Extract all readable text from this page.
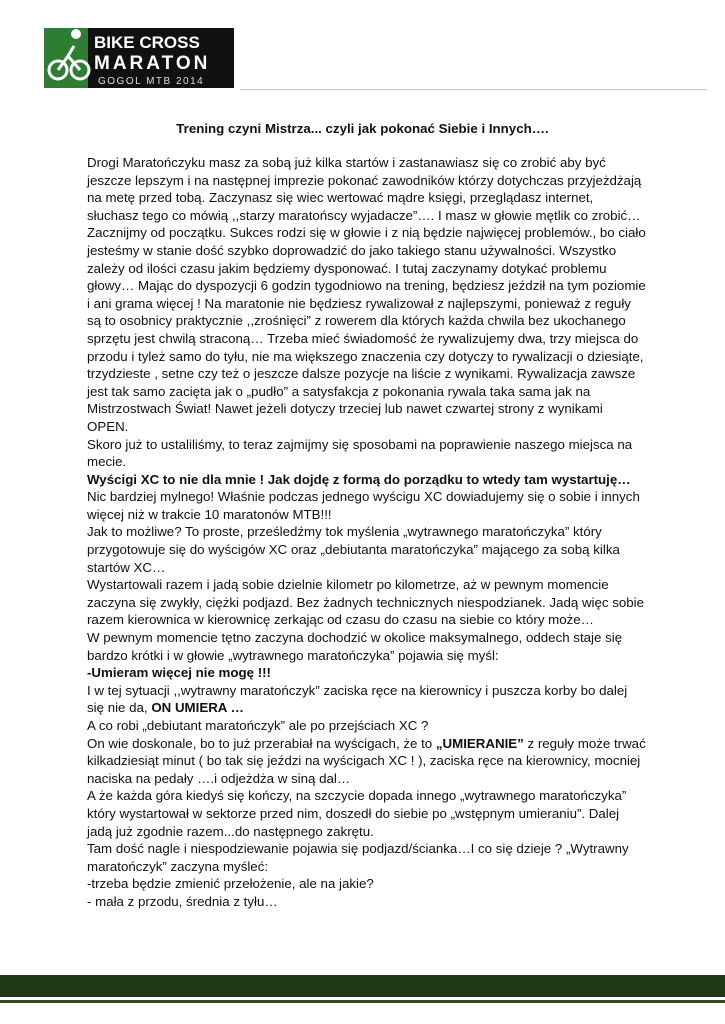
BIKE CROSS
MARATON
GOGOL MTB 2014
Trening czyni Mistrza... czyli jak pokonać Siebie i Innych….

Drogi Maratończyku masz za sobą już kilka startów i zastanawiasz się co zrobić aby być jeszcze lepszym i na następnej imprezie pokonać zawodników którzy dotychczas przyjeżdżają na metę przed tobą. Zaczynasz się wiec wertować mądre księgi, przeglądasz internet, słuchasz tego co mówią ,,starzy maratońscy wyjadacze”…. I masz w głowie mętlik co zrobić… Zacznijmy od początku. Sukces rodzi się w głowie i z nią będzie najwięcej problemów., bo ciało jesteśmy w stanie dość szybko doprowadzić do jako takiego stanu używalności. Wszystko zależy od ilości czasu jakim będziemy dysponować. I tutaj zaczynamy dotykać problemu głowy… Mając do dyspozycji 6 godzin tygodniowo na trening, będziesz jeździł na tym poziomie i ani grama więcej ! Na maratonie nie będziesz rywalizował z najlepszymi, ponieważ z reguły są to osobnicy praktycznie ,,zrośnięci” z rowerem dla których każda chwila bez ukochanego sprzętu jest chwilą straconą… Trzeba mieć świadomość że rywalizujemy dwa, trzy miejsca do przodu i tyleż samo do tyłu, nie ma większego znaczenia czy dotyczy to rywalizacji o dziesiąte, trzydzieste , setne czy też o jeszcze dalsze pozycje na liście z wynikami. Rywalizacja zawsze jest tak samo zacięta jak o „pudło” a satysfakcja z pokonania rywala taka sama jak na Mistrzostwach Świat! Nawet jeżeli dotyczy trzeciej lub nawet czwartej strony z wynikami OPEN.

Skoro już to ustaliliśmy, to teraz zajmijmy się sposobami na poprawienie naszego miejsca na mecie.

Wyścigi XC to nie dla mnie ! Jak dojdę z formą do porządku to wtedy tam wystartuję…

Nic bardziej mylnego! Właśnie podczas jednego wyścigu XC dowiadujemy się o sobie i innych więcej niż w trakcie 10 maratonów MTB!!!

Jak to możliwe? To proste, prześledźmy tok myślenia „wytrawnego maratończyka” który przygotowuje się do wyścigów XC oraz „debiutanta maratończyka” mającego za sobą kilka startów XC…

Wystartowali razem i jadą sobie dzielnie kilometr po kilometrze, aż w pewnym momencie zaczyna się zwykły, ciężki podjazd. Bez żadnych technicznych niespodzianek. Jadą więc sobie razem kierownica w kierownicę zerkając od czasu do czasu na siebie co który może…

W pewnym momencie tętno zaczyna dochodzić w okolice maksymalnego, oddech staje się bardzo krótki i w głowie „wytrawnego maratończyka” pojawia się myśl:

-Umieram więcej nie mogę !!!

I w tej sytuacji ,,wytrawny maratończyk” zaciska ręce na kierownicy i puszcza korby bo dalej się nie da, ON UMIERA …

A co robi „debiutant maratończyk” ale po przejściach XC ?

On wie doskonale, bo to już przerabiał na wyścigach, że to „UMIERANIE” z reguły może trwać kilkadziesiąt minut ( bo tak się jeździ na wyścigach XC ! ), zaciska ręce na kierownicy, mocniej naciska na pedały ….i odjeżdża w siną dal…

A że każda góra kiedyś się kończy, na szczycie dopada innego „wytrawnego maratończyka” który wystartował w sektorze przed nim, doszedł do siebie po „wstępnym umieraniu”. Dalej jadą już zgodnie razem...do następnego zakrętu.

Tam dość nagle i niespodziewanie pojawia się podjazd/ścianka…I co się dzieje ? „Wytrawny maratończyk” zaczyna myśleć:

-trzeba będzie zmienić przełożenie, ale na jakie?

- mała z przodu, średnia z tyłu…
